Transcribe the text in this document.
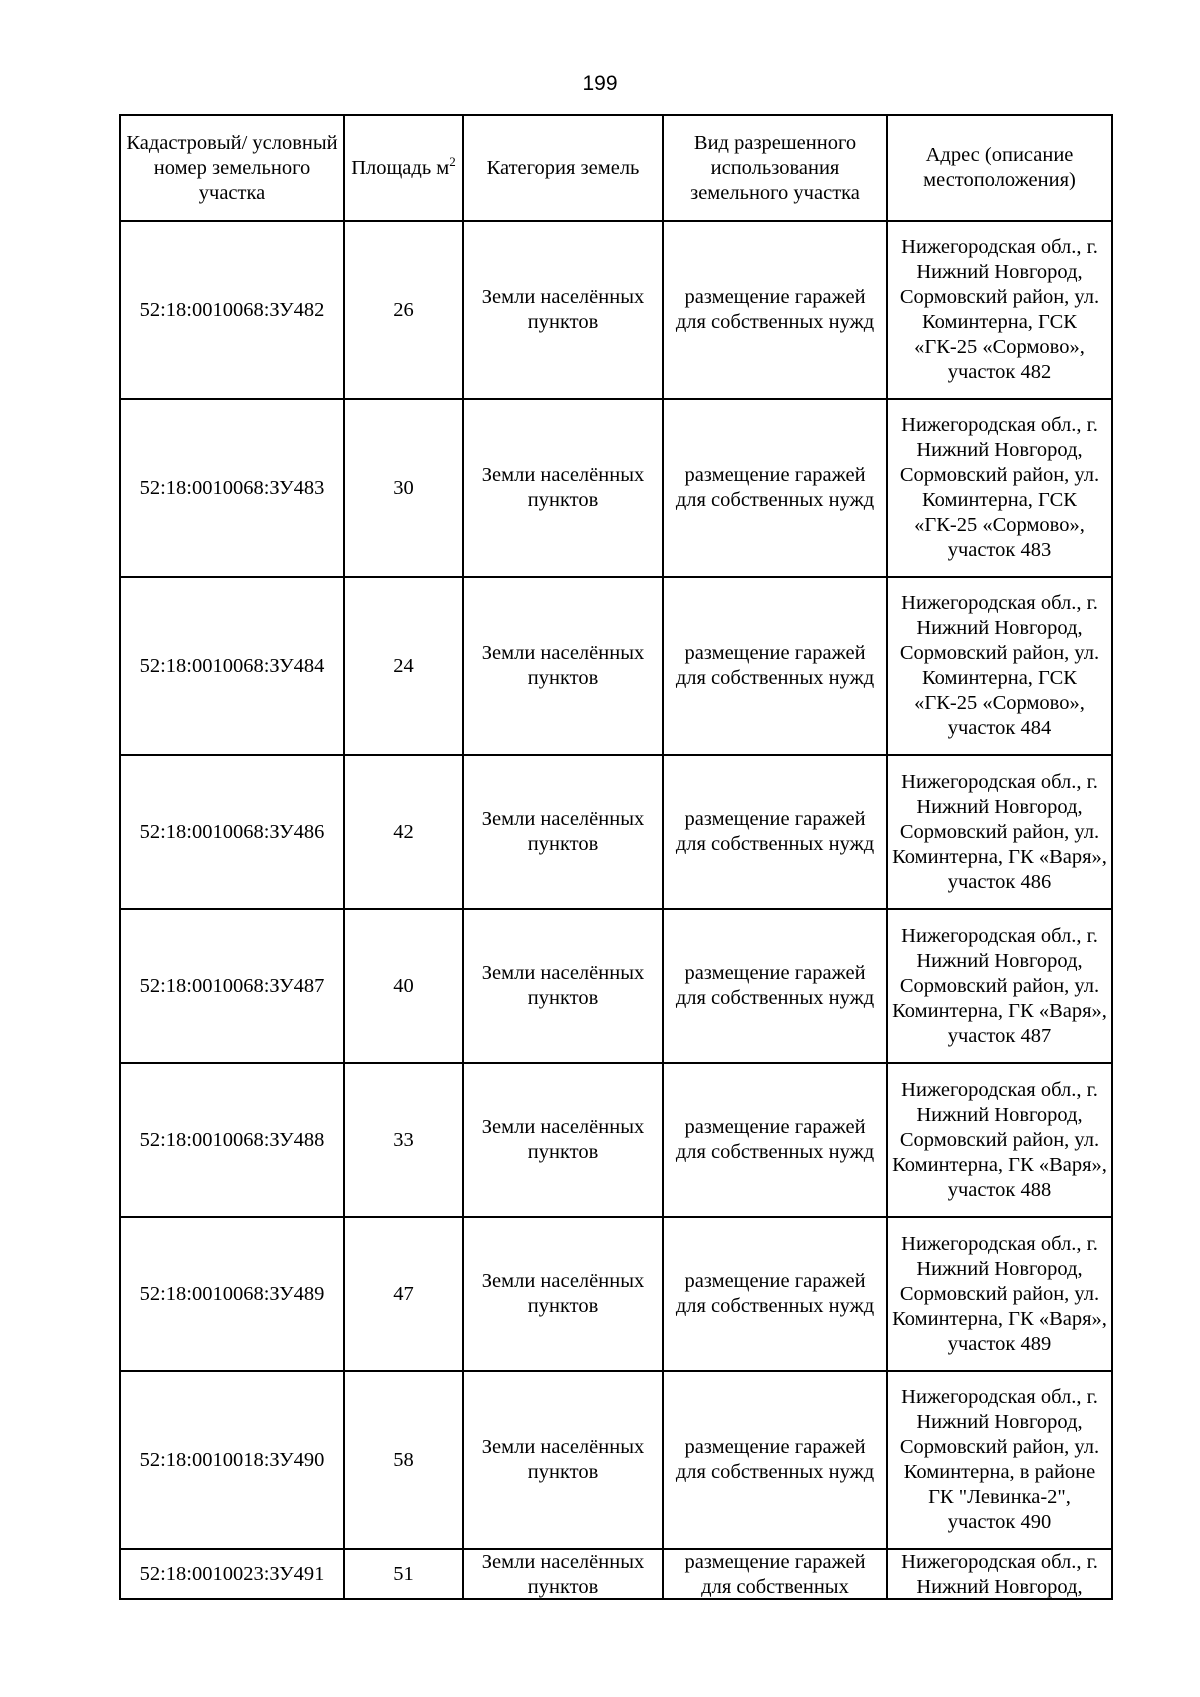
199
Кадастровый/ условный номер земельного участка	Площадь $м^2$	Категория земель	Вид разрешенного использования земельного участка	Адрес (описание местоположения)
52:18:0010068:ЗУ482	26	Земли населённых пунктов	размещение гаражей для собственных нужд	Нижегородская обл., г. Нижний Новгород, Сормовский район, ул. Коминтерна, ГСК «ГК-25 «Сормово», участок 482
52:18:0010068:ЗУ483	30	Земли населённых пунктов	размещение гаражей для собственных нужд	Нижегородская обл., г. Нижний Новгород, Сормовский район, ул. Коминтерна, ГСК «ГК-25 «Сормово», участок 483
52:18:0010068:ЗУ484	24	Земли населённых пунктов	размещение гаражей для собственных нужд	Нижегородская обл., г. Нижний Новгород, Сормовский район, ул. Коминтерна, ГСК «ГК-25 «Сормово», участок 484
52:18:0010068:ЗУ486	42	Земли населённых пунктов	размещение гаражей для собственных нужд	Нижегородская обл., г. Нижний Новгород, Сормовский район, ул. Коминтерна, ГК «Варя», участок 486
52:18:0010068:ЗУ487	40	Земли населённых пунктов	размещение гаражей для собственных нужд	Нижегородская обл., г. Нижний Новгород, Сормовский район, ул. Коминтерна, ГК «Варя», участок 487
52:18:0010068:ЗУ488	33	Земли населённых пунктов	размещение гаражей для собственных нужд	Нижегородская обл., г. Нижний Новгород, Сормовский район, ул. Коминтерна, ГК «Варя», участок 488
52:18:0010068:ЗУ489	47	Земли населённых пунктов	размещение гаражей для собственных нужд	Нижегородская обл., г. Нижний Новгород, Сормовский район, ул. Коминтерна, ГК «Варя», участок 489
52:18:0010018:ЗУ490	58	Земли населённых пунктов	размещение гаражей для собственных нужд	Нижегородская обл., г. Нижний Новгород, Сормовский район, ул. Коминтерна, в районе ГК "Левинка-2", участок 490
52:18:0010023:ЗУ491	51	Земли населённых пунктов	размещение гаражей для собственных	Нижегородская обл., г. Нижний Новгород,
